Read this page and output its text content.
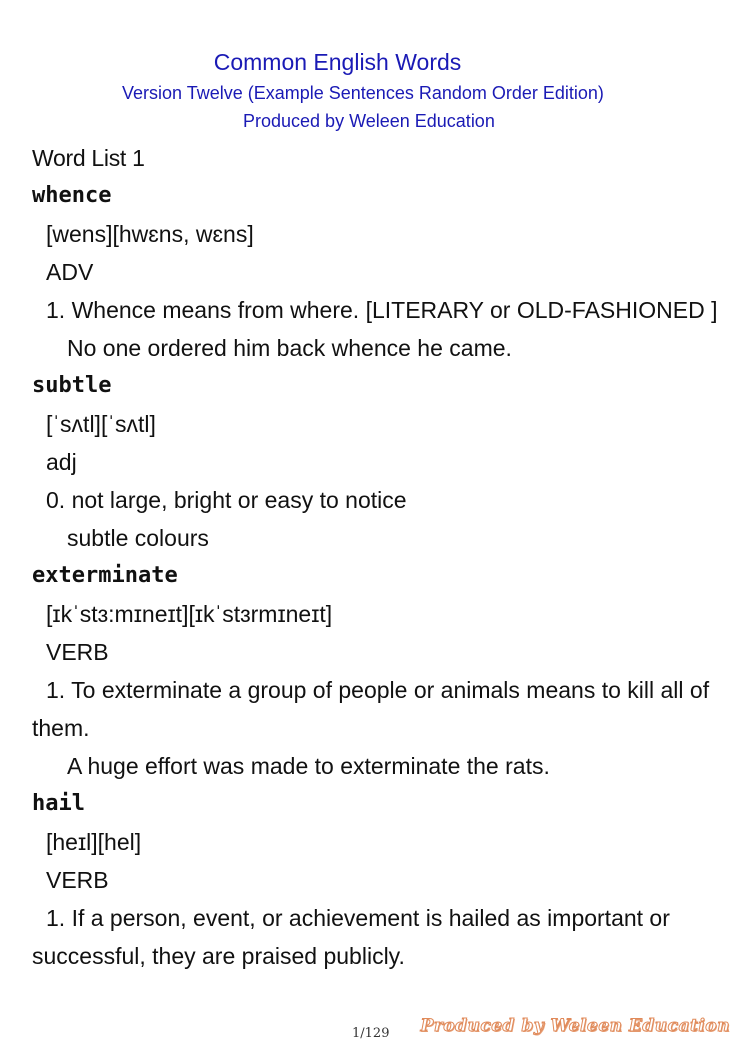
Common English Words
Version Twelve (Example Sentences Random Order Edition)
Produced by Weleen Education
Word List 1
whence
[wens][hwɛns, wɛns]
ADV
1. Whence means from where. [LITERARY or OLD-FASHIONED ]
No one ordered him back whence he came.
subtle
[ˈsʌtl][ˈsʌtl]
adj
0. not large, bright or easy to notice
subtle colours
exterminate
[ɪkˈstɜ:mɪneɪt][ɪkˈstɜrmɪneɪt]
VERB
1. To exterminate a group of people or animals means to kill all of them.
A huge effort was made to exterminate the rats.
hail
[heɪl][hel]
VERB
1. If a person, event, or achievement is hailed as important or successful, they are praised publicly.
1/129 Produced by Weleen Education
